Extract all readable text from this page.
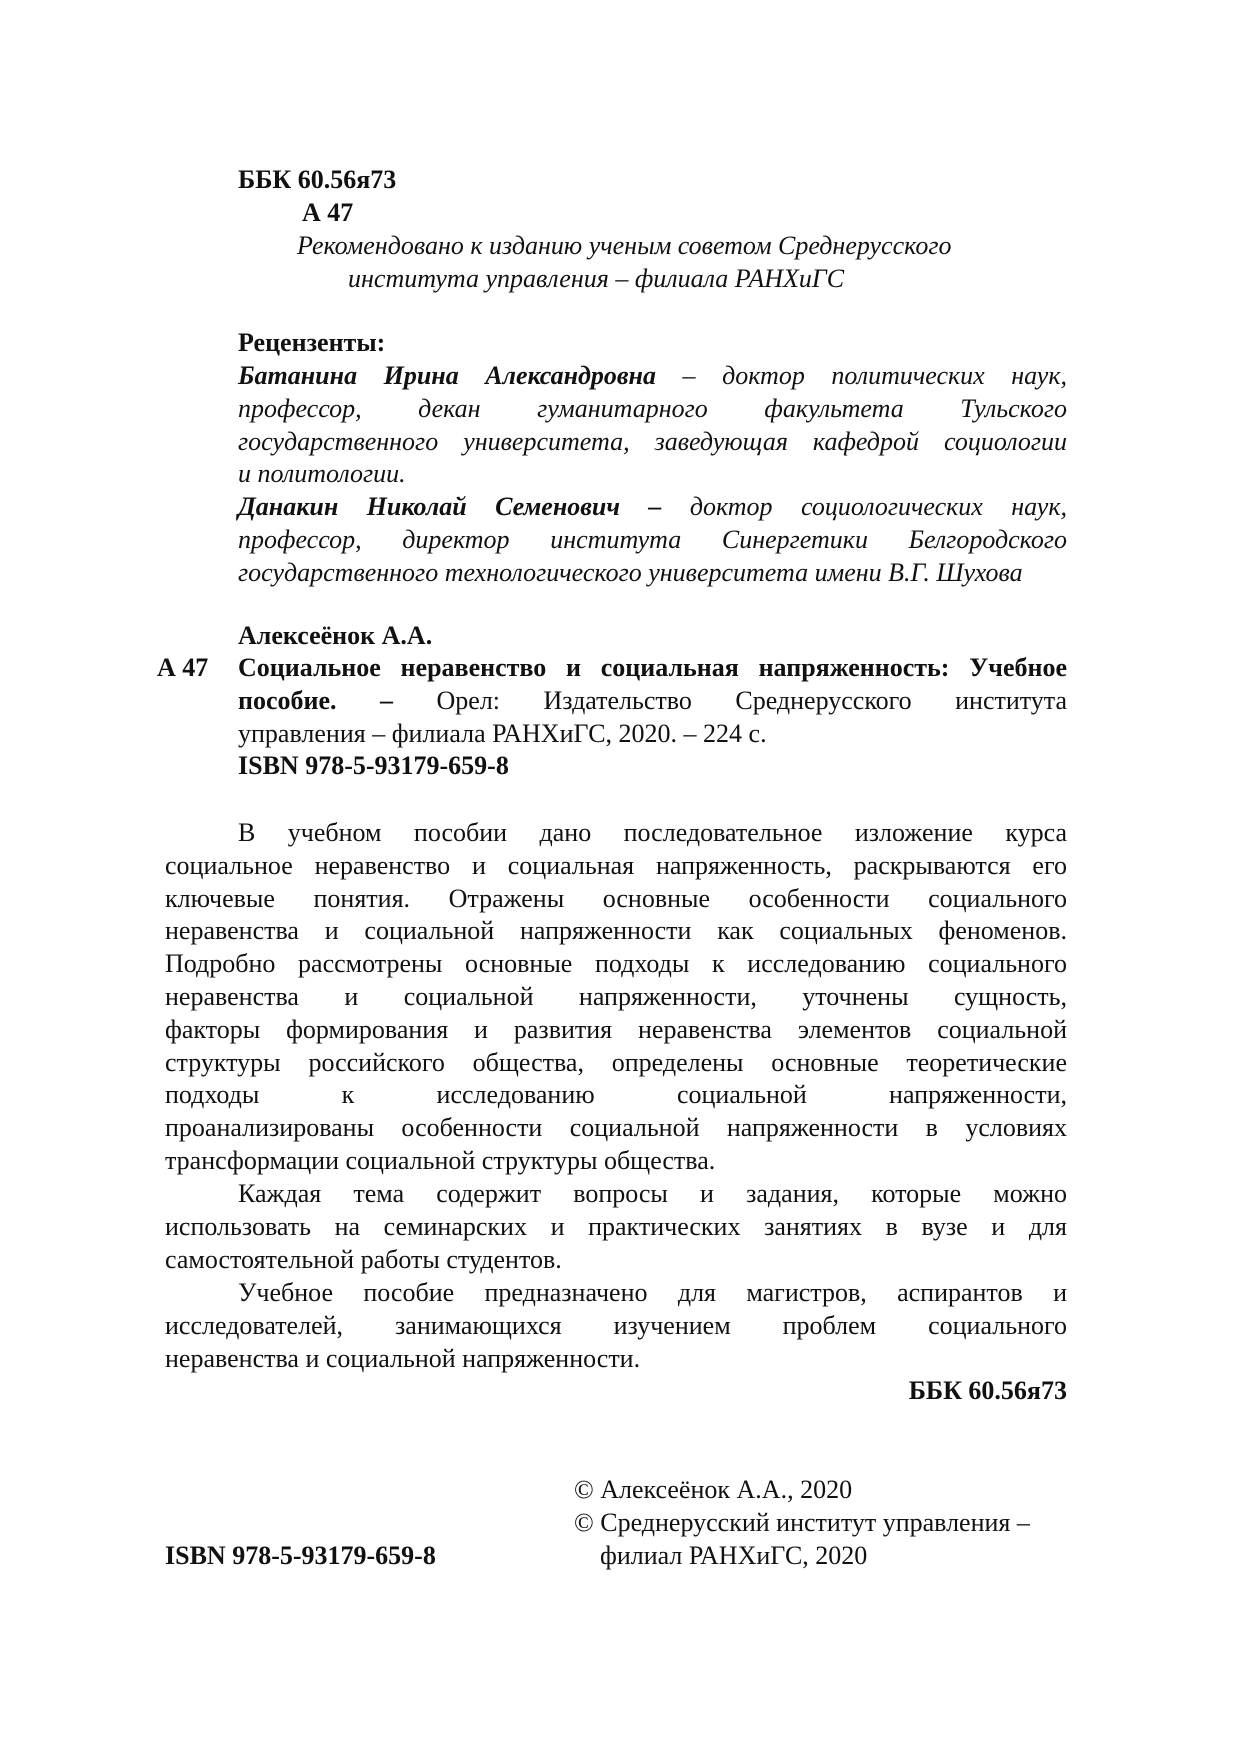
ББК 60.56я73
А 47
Рекомендовано к изданию ученым советом Среднерусского
института управления – филиала РАНХиГС
Рецензенты:

Батанина Ирина Александровна – доктор политических наук,

профессор, декан гуманитарного факультета Тульского

государственного университета, заведующая кафедрой социологии

и политологии.

Данакин Николай Семенович – доктор социологических наук,

профессор, директор института Синергетики Белгородского

государственного технологического университета имени В.Г. Шухова

Алексеёнок А.А.
А 47 Социальное неравенство и социальная напряженность: Учебное

пособие. – Орел: Издательство Среднерусского института

управления – филиала РАНХиГС, 2020. – 224 с.

ISBN 978-5-93179-659-8

В учебном пособии дано последовательное изложение курса

социальное неравенство и социальная напряженность, раскрываются его

ключевые понятия. Отражены основные особенности социального

неравенства и социальной напряженности как социальных феноменов.

Подробно рассмотрены основные подходы к исследованию социального

неравенства и социальной напряженности, уточнены сущность,

факторы формирования и развития неравенства элементов социальной

структуры российского общества, определены основные теоретические

подходы к исследованию социальной напряженности,

проанализированы особенности социальной напряженности в условиях

трансформации социальной структуры общества.

Каждая тема содержит вопросы и задания, которые можно

использовать на семинарских и практических занятиях в вузе и для

самостоятельной работы студентов.

Учебное пособие предназначено для магистров, аспирантов и

исследователей, занимающихся изучением проблем социального

неравенства и социальной напряженности.

ББК 60.56я73
© Алексеёнок А.А., 2020
© Среднерусский институт управления –
ISBN 978-5-93179-659-8	филиал РАНХиГС, 2020
